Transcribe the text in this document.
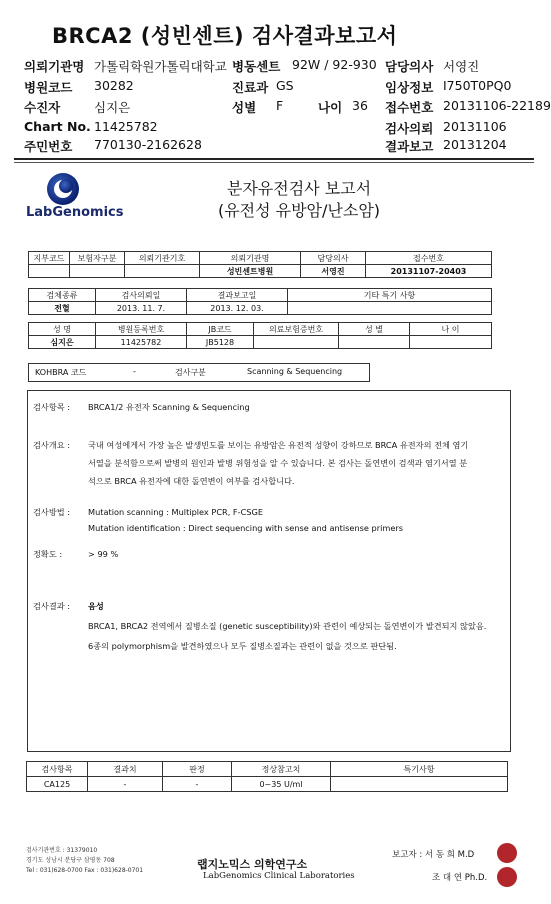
BRCA2 (성빈센트) 검사결과보고서
의뢰기관명 가톨릭학원가톨릭대학교 병동센트 92W / 92-930 담당의사 서영진
병원코드 30282	진료과 GS	임상정보 I750T0PQ0
수진자	심지은	성별 F	나이 36 접수번호 20131106-22189
Chart No. 11425782	검사의뢰 20131106
주민번호 770130-2162628	결과보고 20131204
LabGenomics
분자유전검사 보고서
(유전성 유방암/난소암)
지부코드	보험자구분	의뢰기관기호	의뢰기관명	담당의사	접수번호
			성빈센트병원	서영진	20131107-20403
검체종류	검사의뢰일	결과보고일	기타 특기 사항
전혈	2013. 11. 7.	2013. 12. 03.	
성 명	병원등록번호	JB코드	의료보험증번호	성 별	나 이
심지은	11425782	JB5128			
KOHBRA 코드	-	검사구분	Scanning & Sequencing
검사항목 : BRCA1/2 유전자 Scanning & Sequencing
검사개요 : 국내 여성에게서 가장 높은 발생빈도를 보이는 유방암은 유전적 성향이 강하므로 BRCA 유전자의 전체 염기
서열을 분석함으로써 발병의 원인과 발병 위험성을 알 수 있습니다. 본 검사는 돌연변이 검색과 염기서열 분
석으로 BRCA 유전자에 대한 돌연변이 여부를 검사합니다.
검사방법 : Mutation scanning : Multiplex PCR, F-CSGE
Mutation identification : Direct sequencing with sense and antisense primers
정확도 :	> 99 %
검사결과 : 음성
BRCA1, BRCA2 전역에서 질병소질 (genetic susceptibility)와 관련이 예상되는 돌연변이가 발견되지 않았음.
6종의 polymorphism을 발견하였으나 모두 질병소질과는 관련이 없을 것으로 판단됨.
검사항목	결과치	판정	정상참고치	특기사항
CA125	-	-	0~35 U/ml	
검사기관번호 : 31379010
경기도 성남시 분당구 삼평동 708
Tel : 031)628-0700 Fax : 031)628-0701	랩지노믹스 의학연구소
LabGenomics Clinical Laboratories
보고자 : 서 동 희 M.D
조 대 연 Ph.D.
